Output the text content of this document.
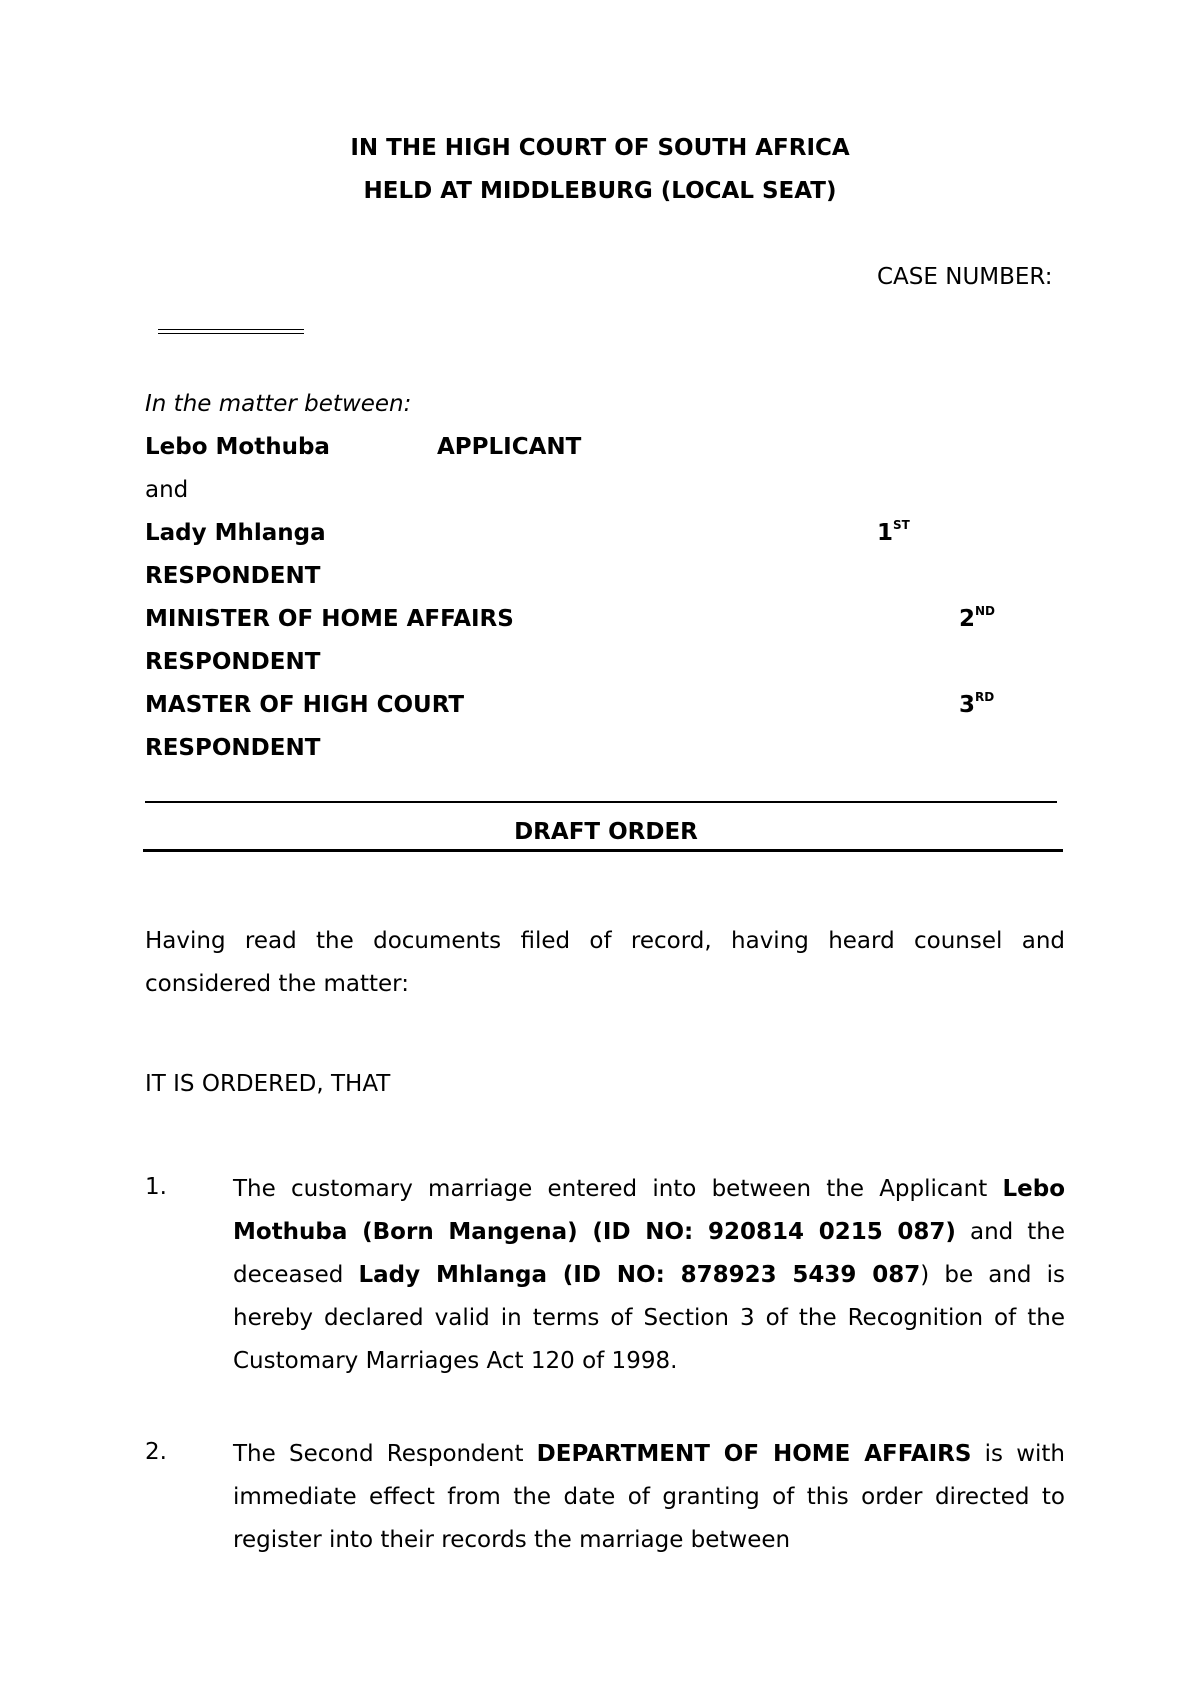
IN THE HIGH COURT OF SOUTH AFRICA
HELD AT MIDDLEBURG (LOCAL SEAT)
CASE NUMBER:
In the matter between:
Lebo Mothuba	APPLICANT
and
Lady Mhlanga	1ST
RESPONDENT
MINISTER OF HOME AFFAIRS	2ND
RESPONDENT
MASTER OF HIGH COURT	3RD
RESPONDENT
DRAFT ORDER
Having read the documents filed of record, having heard counsel and considered the matter:
IT IS ORDERED, THAT
1.	The customary marriage entered into between the Applicant Lebo Mothuba (Born Mangena) (ID NO: 920814 0215 087) and the deceased Lady Mhlanga (ID NO: 878923 5439 087) be and is hereby declared valid in terms of Section 3 of the Recognition of the Customary Marriages Act 120 of 1998.
2.	The Second Respondent DEPARTMENT OF HOME AFFAIRS is with immediate effect from the date of granting of this order directed to register into their records the marriage between
